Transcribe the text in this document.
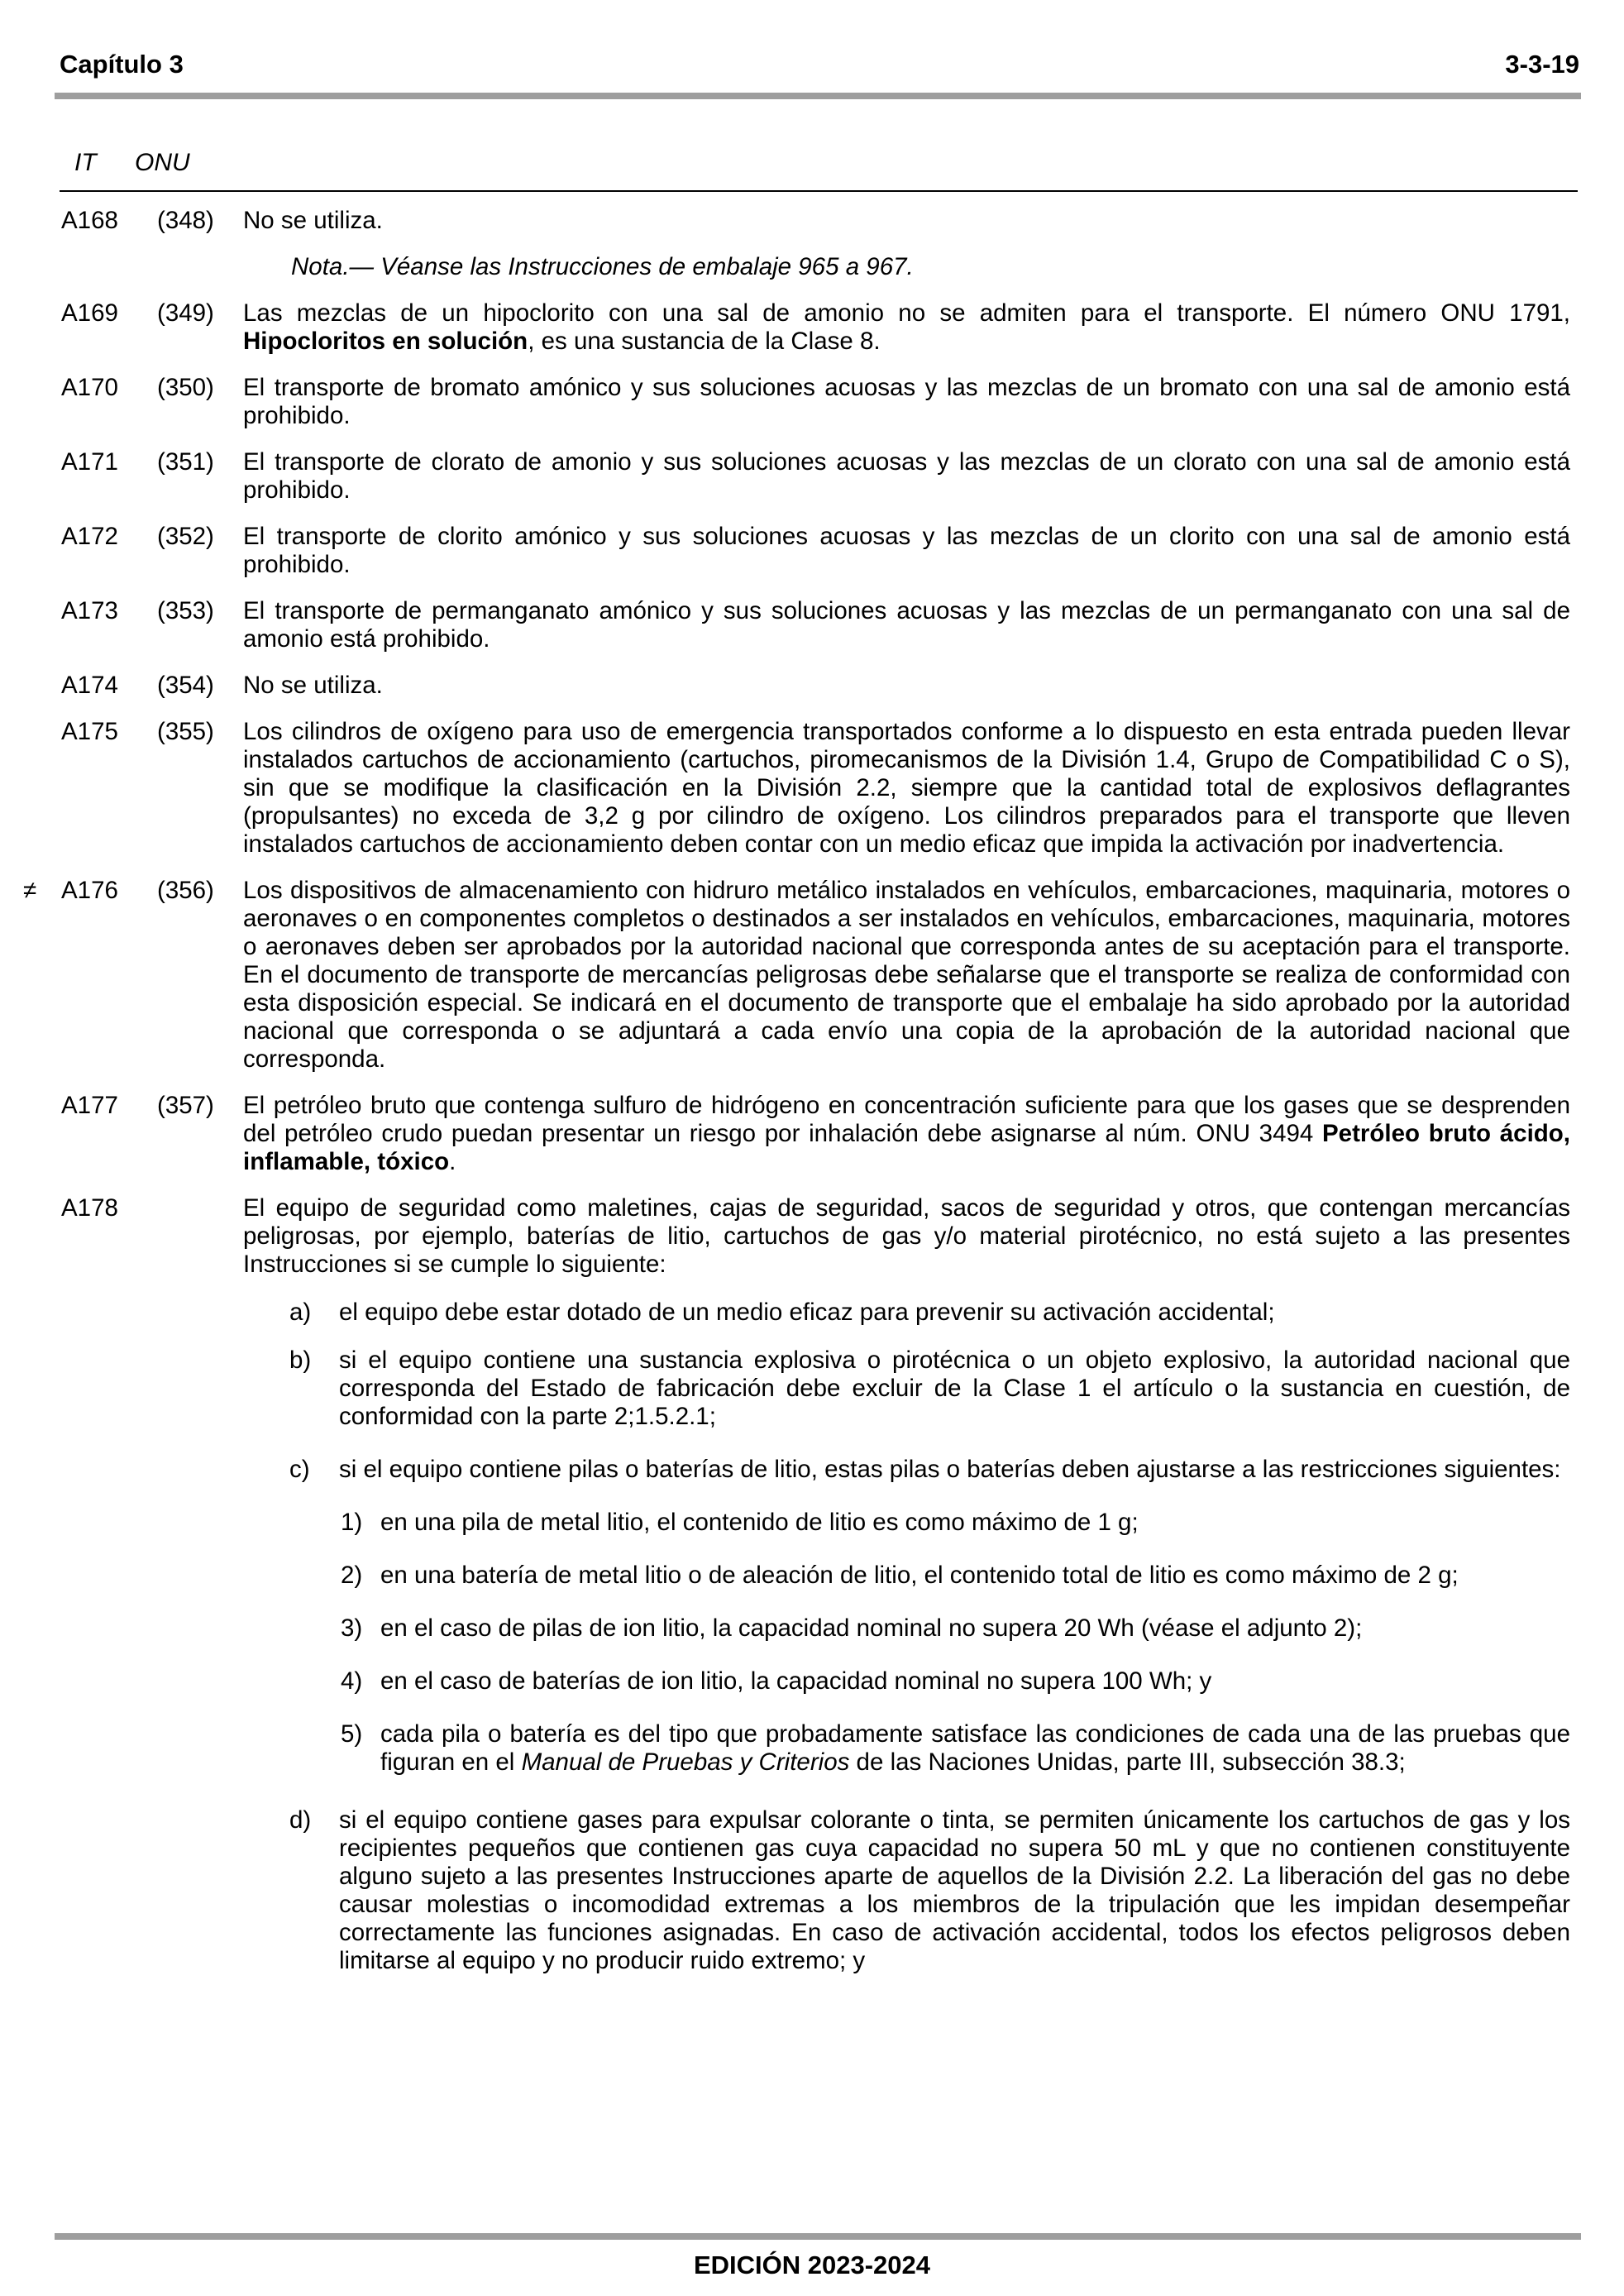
Capítulo 3	3-3-19
IT ONU
A168 (348) No se utiliza.
Nota.— Véanse las Instrucciones de embalaje 965 a 967.
A169 (349) Las mezclas de un hipoclorito con una sal de amonio no se admiten para el transporte. El número ONU 1791, Hipocloritos en solución, es una sustancia de la Clase 8.
A170 (350) El transporte de bromato amónico y sus soluciones acuosas y las mezclas de un bromato con una sal de amonio está prohibido.
A171 (351) El transporte de clorato de amonio y sus soluciones acuosas y las mezclas de un clorato con una sal de amonio está prohibido.
A172 (352) El transporte de clorito amónico y sus soluciones acuosas y las mezclas de un clorito con una sal de amonio está prohibido.
A173 (353) El transporte de permanganato amónico y sus soluciones acuosas y las mezclas de un permanganato con una sal de amonio está prohibido.
A174 (354) No se utiliza.
A175 (355) Los cilindros de oxígeno para uso de emergencia transportados conforme a lo dispuesto en esta entrada pueden llevar instalados cartuchos de accionamiento (cartuchos, piromecanismos de la División 1.4, Grupo de Compatibilidad C o S), sin que se modifique la clasificación en la División 2.2, siempre que la cantidad total de explosivos deflagrantes (propulsantes) no exceda de 3,2 g por cilindro de oxígeno. Los cilindros preparados para el transporte que lleven instalados cartuchos de accionamiento deben contar con un medio eficaz que impida la activación por inadvertencia.
≠ A176 (356) Los dispositivos de almacenamiento con hidruro metálico instalados en vehículos, embarcaciones, maquinaria, motores o aeronaves o en componentes completos o destinados a ser instalados en vehículos, embarcaciones, maquinaria, motores o aeronaves deben ser aprobados por la autoridad nacional que corresponda antes de su aceptación para el transporte. En el documento de transporte de mercancías peligrosas debe señalarse que el transporte se realiza de conformidad con esta disposición especial. Se indicará en el documento de transporte que el embalaje ha sido aprobado por la autoridad nacional que corresponda o se adjuntará a cada envío una copia de la aprobación de la autoridad nacional que corresponda.
A177 (357) El petróleo bruto que contenga sulfuro de hidrógeno en concentración suficiente para que los gases que se desprenden del petróleo crudo puedan presentar un riesgo por inhalación debe asignarse al núm. ONU 3494 Petróleo bruto ácido, inflamable, tóxico.
A178	El equipo de seguridad como maletines, cajas de seguridad, sacos de seguridad y otros, que contengan mercancías peligrosas, por ejemplo, baterías de litio, cartuchos de gas y/o material pirotécnico, no está sujeto a las presentes Instrucciones si se cumple lo siguiente:
a) el equipo debe estar dotado de un medio eficaz para prevenir su activación accidental;
b) si el equipo contiene una sustancia explosiva o pirotécnica o un objeto explosivo, la autoridad nacional que corresponda del Estado de fabricación debe excluir de la Clase 1 el artículo o la sustancia en cuestión, de conformidad con la parte 2;1.5.2.1;
c) si el equipo contiene pilas o baterías de litio, estas pilas o baterías deben ajustarse a las restricciones siguientes:
1) en una pila de metal litio, el contenido de litio es como máximo de 1 g;
2) en una batería de metal litio o de aleación de litio, el contenido total de litio es como máximo de 2 g;
3) en el caso de pilas de ion litio, la capacidad nominal no supera 20 Wh (véase el adjunto 2);
4) en el caso de baterías de ion litio, la capacidad nominal no supera 100 Wh; y
5) cada pila o batería es del tipo que probadamente satisface las condiciones de cada una de las pruebas que figuran en el Manual de Pruebas y Criterios de las Naciones Unidas, parte III, subsección 38.3;
d) si el equipo contiene gases para expulsar colorante o tinta, se permiten únicamente los cartuchos de gas y los recipientes pequeños que contienen gas cuya capacidad no supera 50 mL y que no contienen constituyente alguno sujeto a las presentes Instrucciones aparte de aquellos de la División 2.2. La liberación del gas no debe causar molestias o incomodidad extremas a los miembros de la tripulación que les impidan desempeñar correctamente las funciones asignadas. En caso de activación accidental, todos los efectos peligrosos deben limitarse al equipo y no producir ruido extremo; y
EDICIÓN 2023-2024
